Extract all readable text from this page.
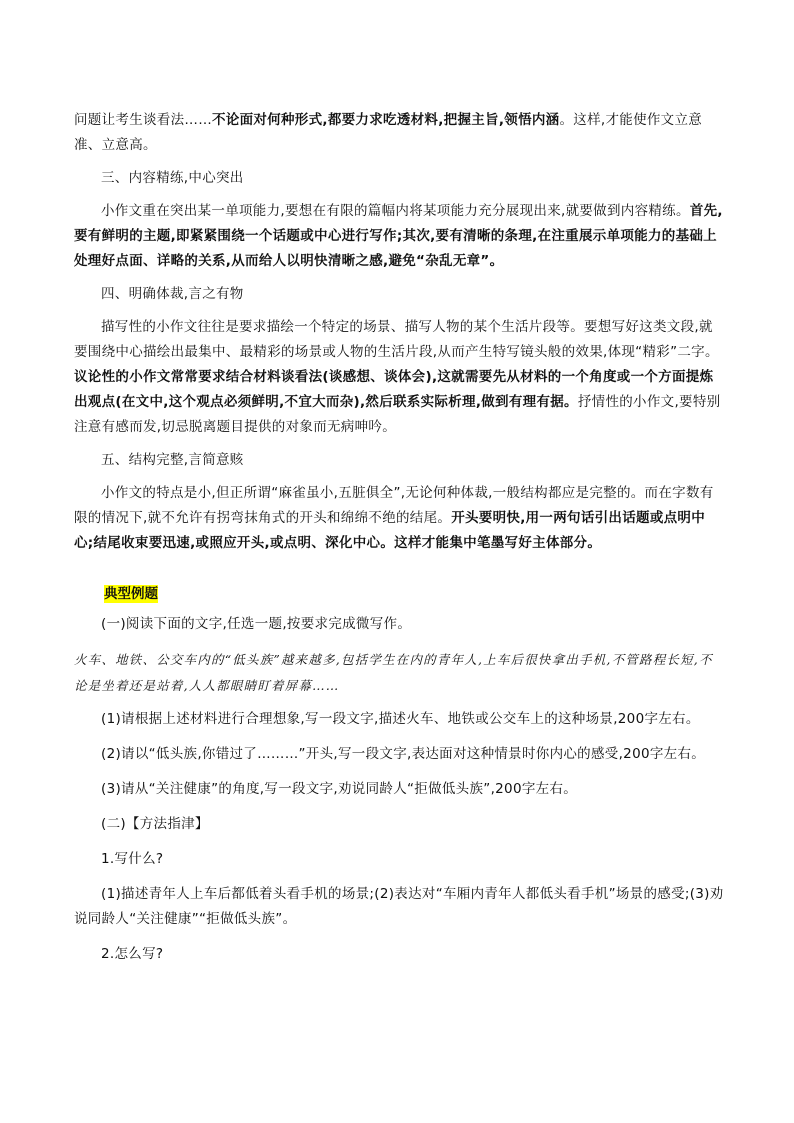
问题让考生谈看法……不论面对何种形式,都要力求吃透材料,把握主旨,领悟内涵。这样,才能使作文立意准、立意高。

三、内容精练,中心突出

小作文重在突出某一单项能力,要想在有限的篇幅内将某项能力充分展现出来,就要做到内容精练。首先,要有鲜明的主题,即紧紧围绕一个话题或中心进行写作;其次,要有清晰的条理,在注重展示单项能力的基础上处理好点面、详略的关系,从而给人以明快清晰之感,避免“杂乱无章”。

四、明确体裁,言之有物

描写性的小作文往往是要求描绘一个特定的场景、描写人物的某个生活片段等。要想写好这类文段,就要围绕中心描绘出最集中、最精彩的场景或人物的生活片段,从而产生特写镜头般的效果,体现“精彩”二字。议论性的小作文常常要求结合材料谈看法(谈感想、谈体会),这就需要先从材料的一个角度或一个方面提炼出观点(在文中,这个观点必须鲜明,不宜大而杂),然后联系实际析理,做到有理有据。抒情性的小作文,要特别注意有感而发,切忌脱离题目提供的对象而无病呻吟。

五、结构完整,言简意赅

小作文的特点是小,但正所谓“麻雀虽小,五脏俱全”,无论何种体裁,一般结构都应是完整的。而在字数有限的情况下,就不允许有拐弯抹角式的开头和绵绵不绝的结尾。开头要明快,用一两句话引出话题或点明中心;结尾收束要迅速,或照应开头,或点明、深化中心。这样才能集中笔墨写好主体部分。

典型例题

(一)阅读下面的文字,任选一题,按要求完成微写作。

火车、地铁、公交车内的“低头族”越来越多,包括学生在内的青年人,上车后很快拿出手机,不管路程长短,不论是坐着还是站着,人人都眼睛盯着屏幕……

(1)请根据上述材料进行合理想象,写一段文字,描述火车、地铁或公交车上的这种场景,200字左右。

(2)请以“低头族,你错过了………”开头,写一段文字,表达面对这种情景时你内心的感受,200字左右。

(3)请从“关注健康”的角度,写一段文字,劝说同龄人“拒做低头族”,200字左右。

(二)【方法指津】

1.写什么?

(1)描述青年人上车后都低着头看手机的场景;(2)表达对“车厢内青年人都低头看手机”场景的感受;(3)劝说同龄人“关注健康”“拒做低头族”。

2.怎么写?
